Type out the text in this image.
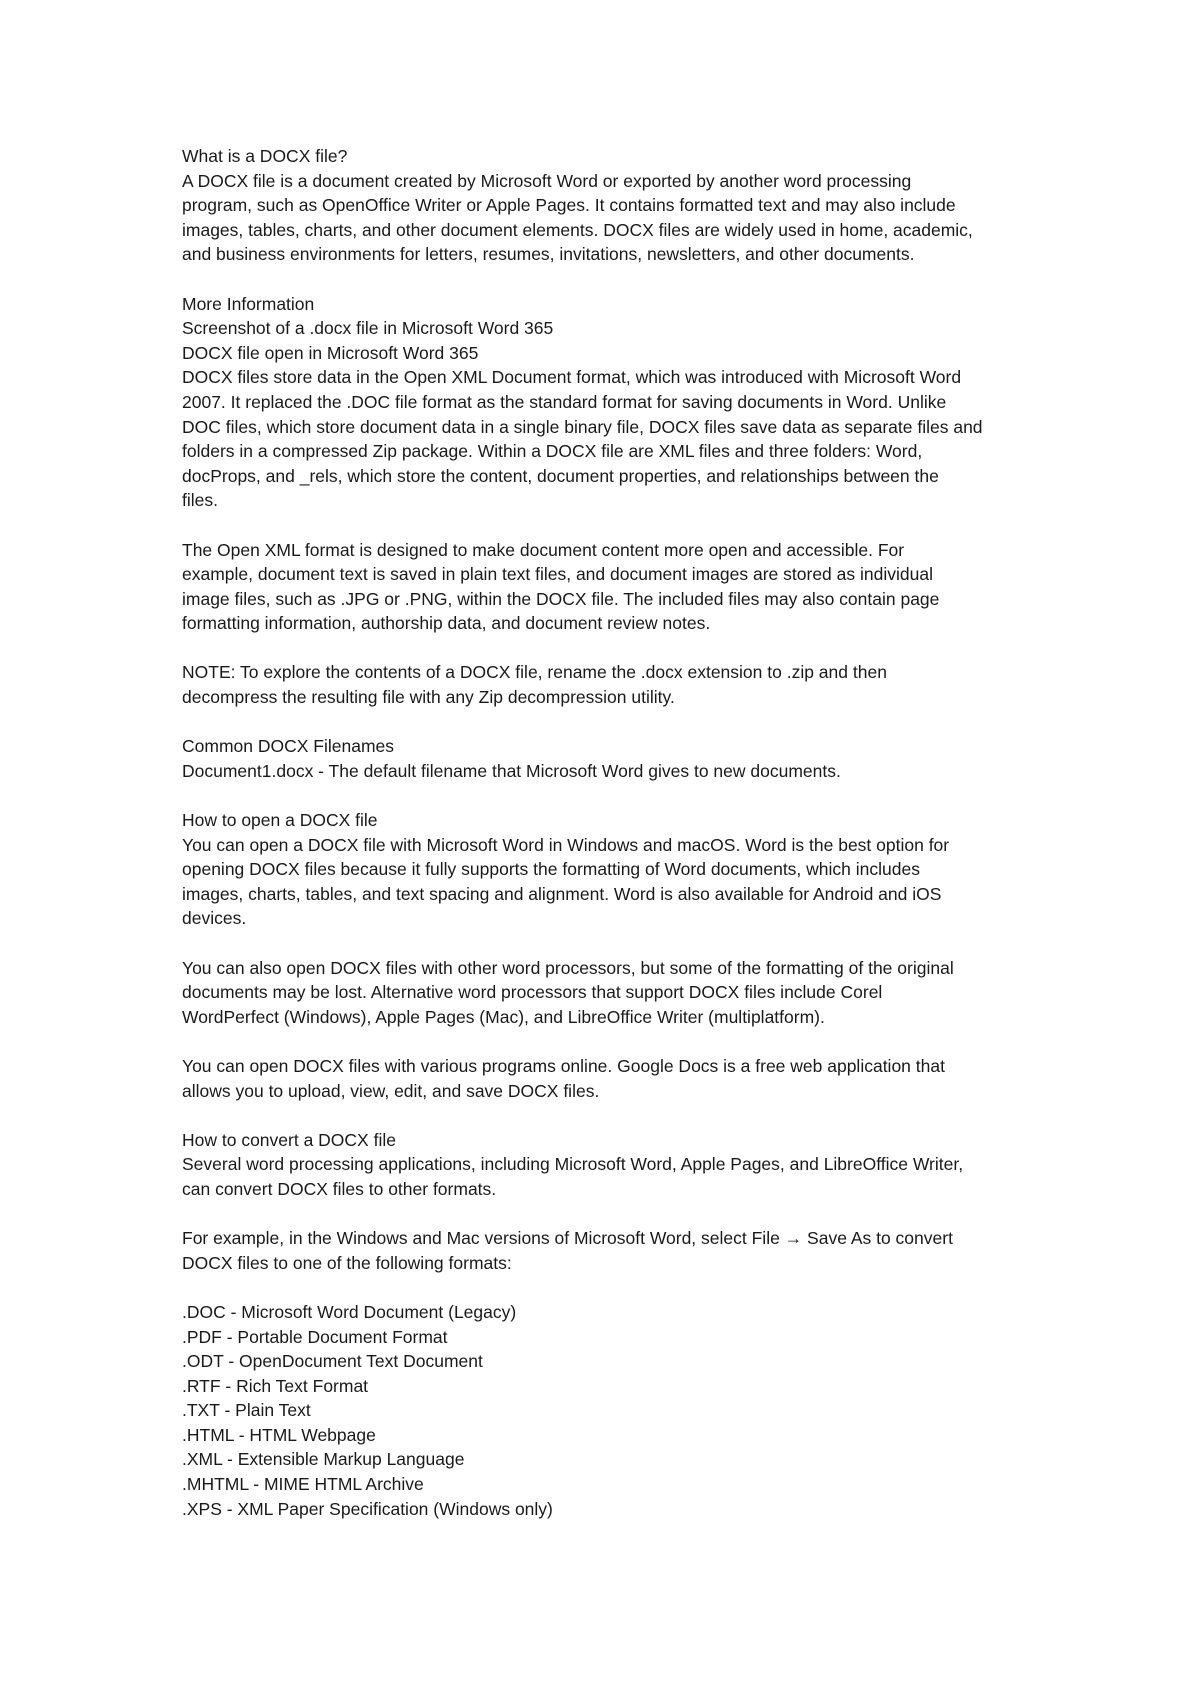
What is a DOCX file?
A DOCX file is a document created by Microsoft Word or exported by another word processing
program, such as OpenOffice Writer or Apple Pages. It contains formatted text and may also include
images, tables, charts, and other document elements. DOCX files are widely used in home, academic,
and business environments for letters, resumes, invitations, newsletters, and other documents.
More Information
Screenshot of a .docx file in Microsoft Word 365
DOCX file open in Microsoft Word 365
DOCX files store data in the Open XML Document format, which was introduced with Microsoft Word
2007. It replaced the .DOC file format as the standard format for saving documents in Word. Unlike
DOC files, which store document data in a single binary file, DOCX files save data as separate files and
folders in a compressed Zip package. Within a DOCX file are XML files and three folders: Word,
docProps, and _rels, which store the content, document properties, and relationships between the
files.
The Open XML format is designed to make document content more open and accessible. For
example, document text is saved in plain text files, and document images are stored as individual
image files, such as .JPG or .PNG, within the DOCX file. The included files may also contain page
formatting information, authorship data, and document review notes.
NOTE: To explore the contents of a DOCX file, rename the .docx extension to .zip and then
decompress the resulting file with any Zip decompression utility.
Common DOCX Filenames
Document1.docx - The default filename that Microsoft Word gives to new documents.
How to open a DOCX file
You can open a DOCX file with Microsoft Word in Windows and macOS. Word is the best option for
opening DOCX files because it fully supports the formatting of Word documents, which includes
images, charts, tables, and text spacing and alignment. Word is also available for Android and iOS
devices.
You can also open DOCX files with other word processors, but some of the formatting of the original
documents may be lost. Alternative word processors that support DOCX files include Corel
WordPerfect (Windows), Apple Pages (Mac), and LibreOffice Writer (multiplatform).
You can open DOCX files with various programs online. Google Docs is a free web application that
allows you to upload, view, edit, and save DOCX files.
How to convert a DOCX file
Several word processing applications, including Microsoft Word, Apple Pages, and LibreOffice Writer,
can convert DOCX files to other formats.
For example, in the Windows and Mac versions of Microsoft Word, select File → Save As to convert
DOCX files to one of the following formats:
.DOC - Microsoft Word Document (Legacy)
.PDF - Portable Document Format
.ODT - OpenDocument Text Document
.RTF - Rich Text Format
.TXT - Plain Text
.HTML - HTML Webpage
.XML - Extensible Markup Language
.MHTML - MIME HTML Archive
.XPS - XML Paper Specification (Windows only)
